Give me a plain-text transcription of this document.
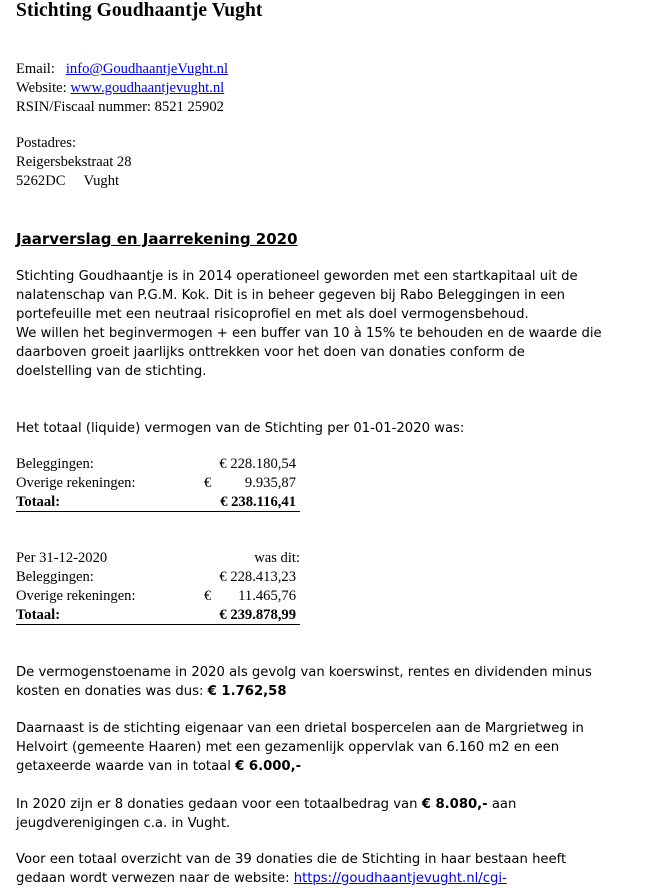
Stichting Goudhaantje Vught
Email: info@GoudhaantjeVught.nl
Website: www.goudhaantjevught.nl
RSIN/Fiscaal nummer: 8521 25902
Postadres:
Reigersbekstraat 28
5262DC Vught
Jaarverslag en Jaarrekening 2020
Stichting Goudhaantje is in 2014 operationeel geworden met een startkapitaal uit de
nalatenschap van P.G.M. Kok. Dit is in beheer gegeven bij Rabo Beleggingen in een
portefeuille met een neutraal risicoprofiel en met als doel vermogensbehoud.
We willen het beginvermogen + een buffer van 10 à 15% te behouden en de waarde die
daarboven groeit jaarlijks onttrekken voor het doen van donaties conform de
doelstelling van de stichting.
Het totaal (liquide) vermogen van de Stichting per 01-01-2020 was:
Beleggingen:	€ 228.180,54
Overige rekeningen:	€ 9.935,87
Totaal:	€ 238.116,41
Per 31-12-2020	was dit:
Beleggingen:	€ 228.413,23
Overige rekeningen:	€ 11.465,76
Totaal:	€ 239.878,99
De vermogenstoename in 2020 als gevolg van koerswinst, rentes en dividenden minus
kosten en donaties was dus: € 1.762,58
Daarnaast is de stichting eigenaar van een drietal bospercelen aan de Margrietweg in
Helvoirt (gemeente Haaren) met een gezamenlijk oppervlak van 6.160 m2 en een
getaxeerde waarde van in totaal € 6.000,-
In 2020 zijn er 8 donaties gedaan voor een totaalbedrag van € 8.080,- aan
jeugdverenigingen c.a. in Vught.
Voor een totaal overzicht van de 39 donaties die de Stichting in haar bestaan heeft
gedaan wordt verwezen naar de website: https://goudhaantjevught.nl/cgi-
